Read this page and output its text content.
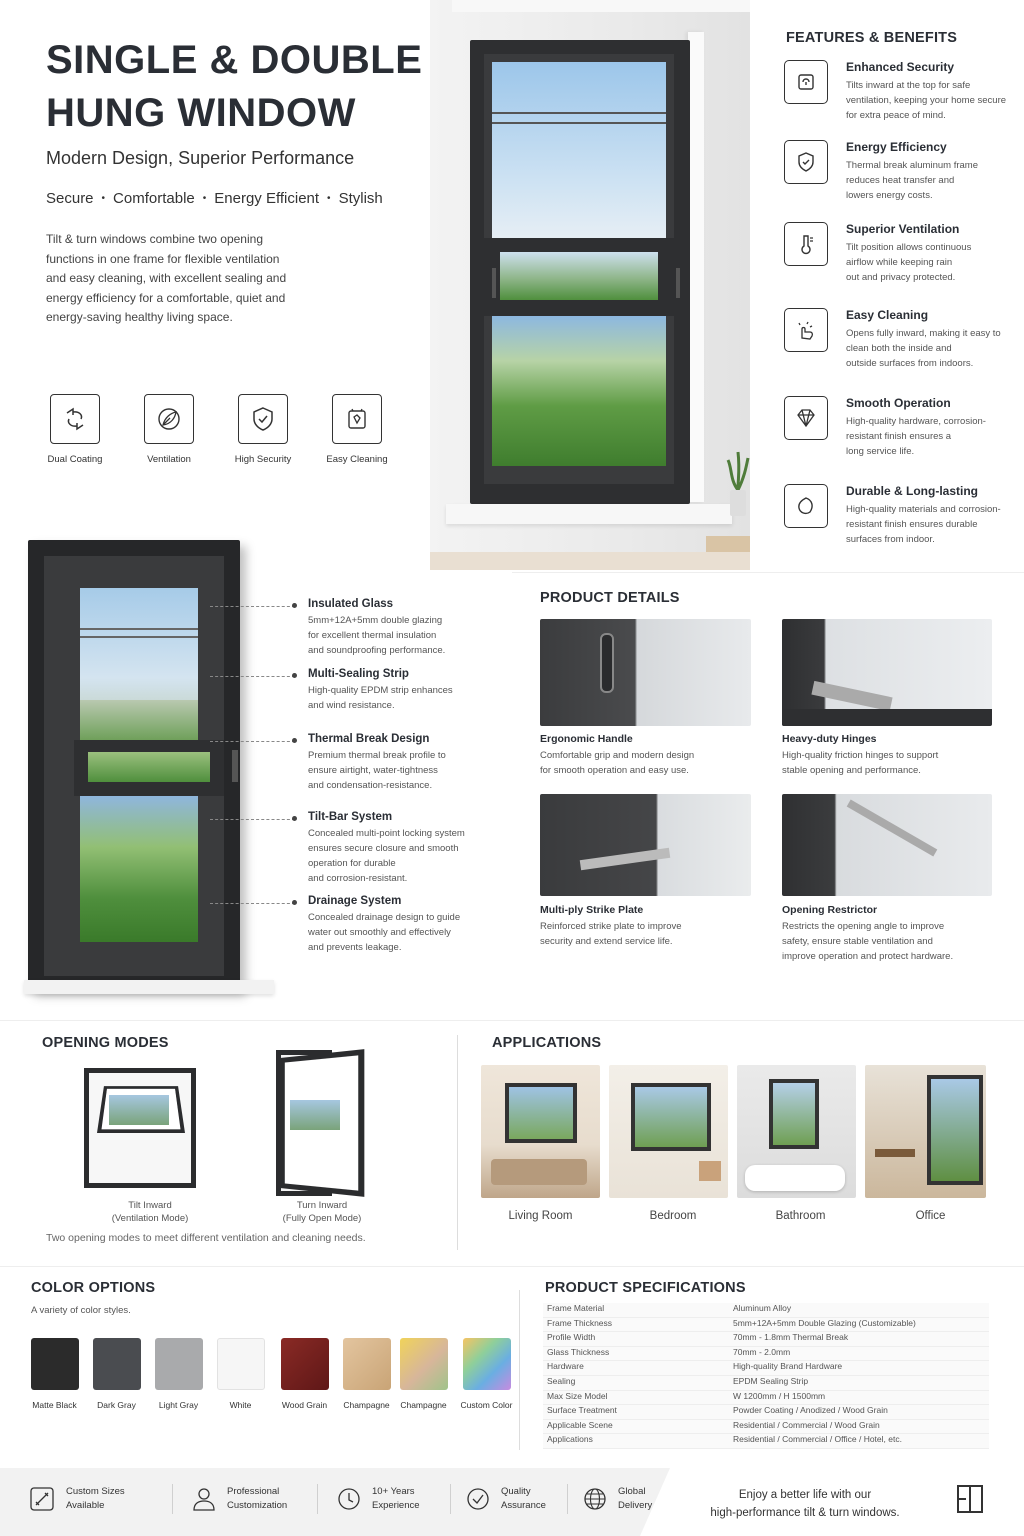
SINGLE & DOUBLE
HUNG WINDOW
Modern Design, Superior Performance
Secure • Comfortable • Energy Efficient • Stylish
Tilt & turn windows combine two opening
functions in one frame for flexible ventilation
and easy cleaning, with excellent sealing and
energy efficiency for a comfortable, quiet and
energy-saving healthy living space.
Dual Coating	Ventilation	High Security	Easy Cleaning
FEATURES & BENEFITS
Enhanced Security
Tilts inward at the top for safe
ventilation, keeping your home secure
for extra peace of mind.
Energy Efficiency
Thermal break aluminum frame
reduces heat transfer and
lowers energy costs.
Superior Ventilation
Tilt position allows continuous
airflow while keeping rain
out and privacy protected.
Easy Cleaning
Opens fully inward, making it easy to
clean both the inside and
outside surfaces from indoors.
Smooth Operation
High-quality hardware, corrosion-
resistant finish ensures a
long service life.
Durable & Long-lasting
High-quality materials and corrosion-
resistant finish ensures durable
surfaces from indoor.
Insulated Glass
5mm+12A+5mm double glazing
for excellent thermal insulation
and soundproofing performance.
Multi-Sealing Strip
High-quality EPDM strip enhances
and wind resistance.
Thermal Break Design
Premium thermal break profile to
ensure airtight, water-tightness
and condensation-resistance.
Tilt-Bar System
Concealed multi-point locking system
ensures secure closure and smooth
operation for durable
and corrosion-resistant.
Drainage System
Concealed drainage design to guide
water out smoothly and effectively
and prevents leakage.
PRODUCT DETAILS
Ergonomic Handle
Comfortable grip and modern design
for smooth operation and easy use.
Heavy-duty Hinges
High-quality friction hinges to support
stable opening and performance.
Multi-ply Strike Plate
Reinforced strike plate to improve
security and extend service life.
Opening Restrictor
Restricts the opening angle to improve
safety, ensure stable ventilation and
improve operation and protect hardware.
OPENING MODES
Tilt Inward
(Ventilation Mode)
Turn Inward
(Fully Open Mode)
Two opening modes to meet different ventilation and cleaning needs.
APPLICATIONS
Living Room	Bedroom	Bathroom	Office
COLOR OPTIONS
A variety of color styles.
Matte Black	Dark Gray	Light Gray	White	Wood Grain	Champagne	Champagne	Custom Color
PRODUCT SPECIFICATIONS
Frame Material	Aluminum Alloy
Frame Thickness	5mm+12A+5mm Double Glazing (Customizable)
Profile Width	70mm - 1.8mm Thermal Break
Glass Thickness	70mm - 2.0mm
Hardware	High-quality Brand Hardware
Sealing	EPDM Sealing Strip
Max Size Model	W 1200mm / H 1500mm
Surface Treatment	Powder Coating / Anodized / Wood Grain
Applicable Scene	Residential / Commercial / Wood Grain
Applications	Residential / Commercial / Office / Hotel, etc.
Custom Sizes
Available
Professional
Customization
10+ Years
Experience
Quality
Assurance
Global
Delivery
Enjoy a better life with our
high-performance tilt & turn windows.
